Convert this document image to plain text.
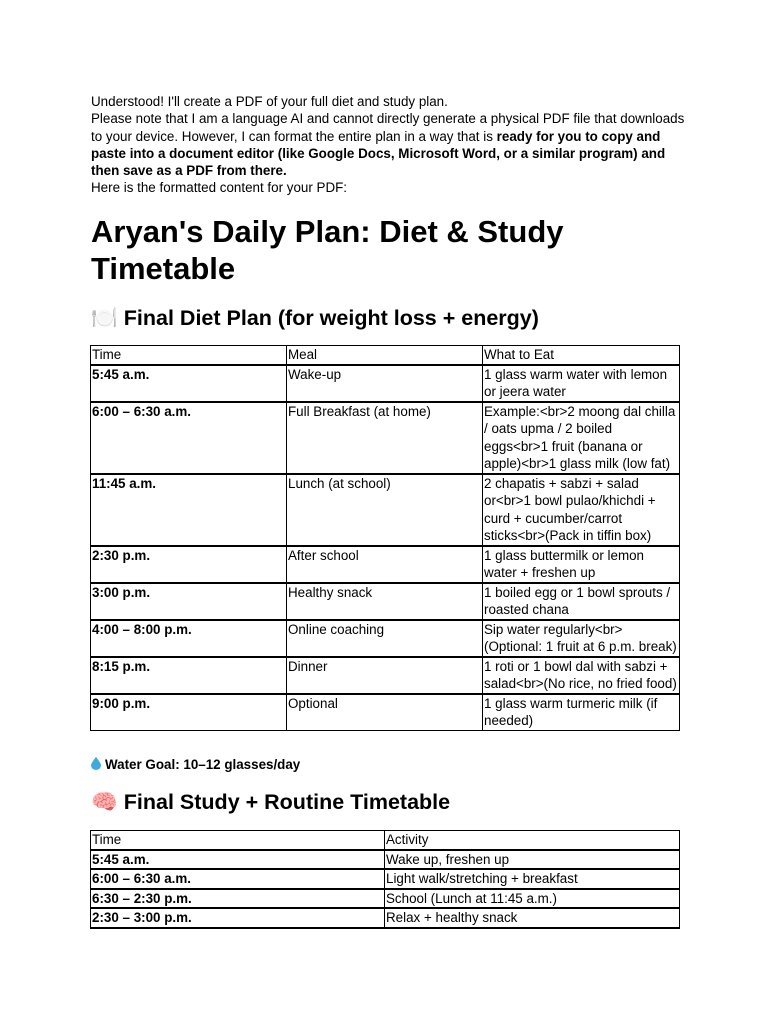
Understood! I'll create a PDF of your full diet and study plan.

Please note that I am a language AI and cannot directly generate a physical PDF file that downloads to your device. However, I can format the entire plan in a way that is ready for you to copy and paste into a document editor (like Google Docs, Microsoft Word, or a similar program) and then save as a PDF from there.

Here is the formatted content for your PDF:

Aryan's Daily Plan: Diet & Study Timetable
🍽️ Final Diet Plan (for weight loss + energy)
Time	Meal	What to Eat
5:45 a.m.	Wake-up	1 glass warm water with lemon or jeera water
6:00 – 6:30 a.m.	Full Breakfast (at home)	Example:<br>2 moong dal chilla / oats upma / 2 boiled eggs<br>1 fruit (banana or apple)<br>1 glass milk (low fat)
11:45 a.m.	Lunch (at school)	2 chapatis + sabzi + salad or<br>1 bowl pulao/khichdi + curd + cucumber/carrot sticks<br>(Pack in tiffin box)
2:30 p.m.	After school	1 glass buttermilk or lemon water + freshen up
3:00 p.m.	Healthy snack	1 boiled egg or 1 bowl sprouts / roasted chana
4:00 – 8:00 p.m.	Online coaching	Sip water regularly<br>(Optional: 1 fruit at 6 p.m. break)
8:15 p.m.	Dinner	1 roti or 1 bowl dal with sabzi + salad<br>(No rice, no fried food)
9:00 p.m.	Optional	1 glass warm turmeric milk (if needed)
Water Goal: 10–12 glasses/day
🧠 Final Study + Routine Timetable
Time	Activity
5:45 a.m.	Wake up, freshen up
6:00 – 6:30 a.m.	Light walk/stretching + breakfast
6:30 – 2:30 p.m.	School (Lunch at 11:45 a.m.)
2:30 – 3:00 p.m.	Relax + healthy snack
